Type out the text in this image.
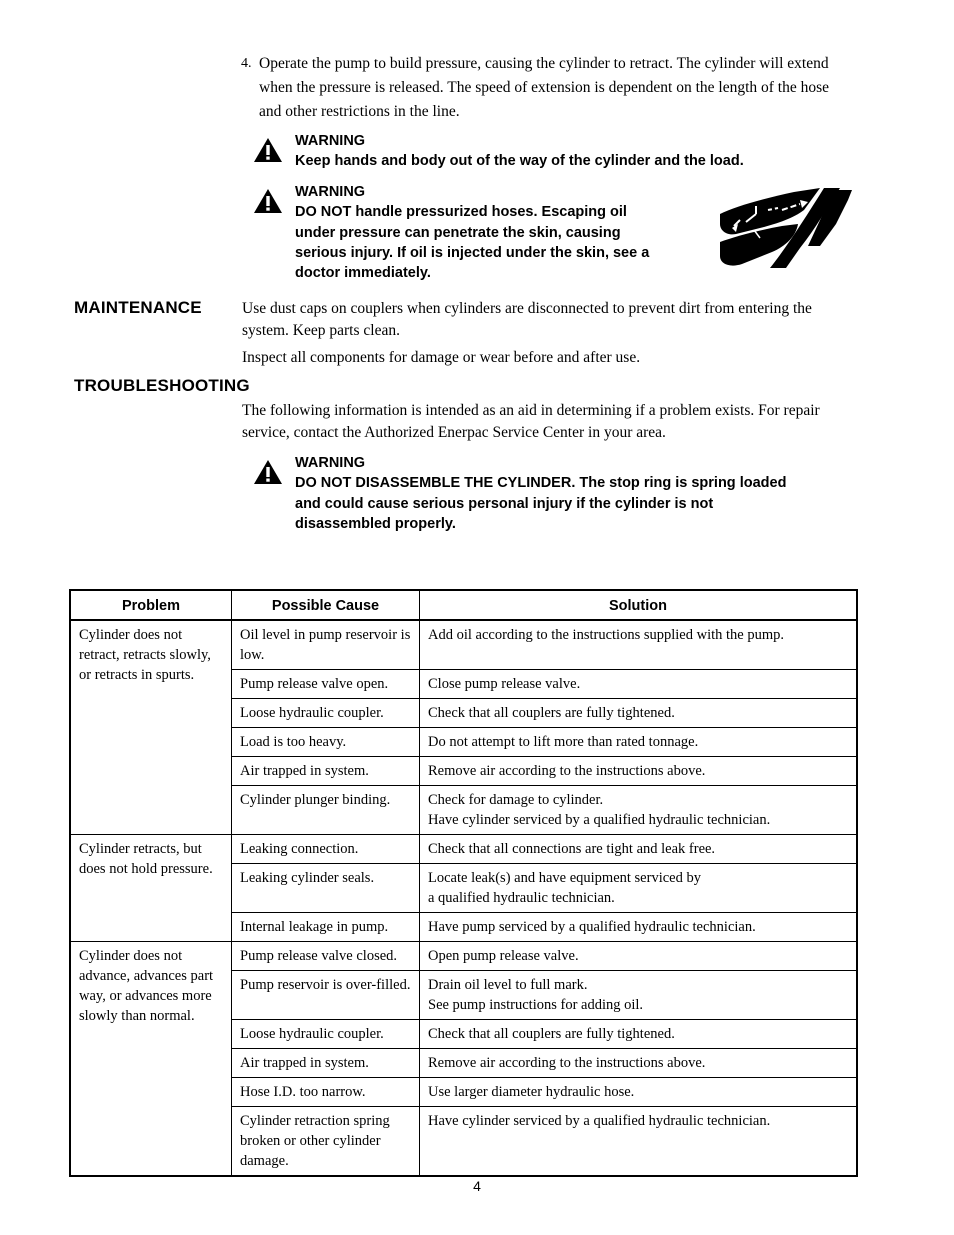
4. Operate the pump to build pressure, causing the cylinder to retract. The cylinder will extend when the pressure is released. The speed of extension is dependent on the length of the hose and other restrictions in the line.
WARNING
Keep hands and body out of the way of the cylinder and the load.
WARNING
DO NOT handle pressurized hoses. Escaping oil
under pressure can penetrate the skin, causing
serious injury. If oil is injected under the skin, see a
doctor immediately.
MAINTENANCE	Use dust caps on couplers when cylinders are disconnected to prevent dirt from entering the system. Keep parts clean.
Inspect all components for damage or wear before and after use.
TROUBLESHOOTING
The following information is intended as an aid in determining if a problem exists. For repair service, contact the Authorized Enerpac Service Center in your area.
WARNING
DO NOT DISASSEMBLE THE CYLINDER. The stop ring is spring loaded
and could cause serious personal injury if the cylinder is not
disassembled properly.
Problem	Possible Cause	Solution
Cylinder does not retract, retracts slowly, or retracts in spurts.	Oil level in pump reservoir is low.	Add oil according to the instructions supplied with the pump.

	Pump release valve open.	Close pump release valve.

	Loose hydraulic coupler.	Check that all couplers are fully tightened.

	Load is too heavy.	Do not attempt to lift more than rated tonnage.

	Air trapped in system.	Remove air according to the instructions above.

	Cylinder plunger binding.	Check for damage to cylinder.
Have cylinder serviced by a qualified hydraulic technician.

Cylinder retracts, but does not hold pressure.	Leaking connection.	Check that all connections are tight and leak free.

	Leaking cylinder seals.	Locate leak(s) and have equipment serviced by
a qualified hydraulic technician.

	Internal leakage in pump.	Have pump serviced by a qualified hydraulic technician.

Cylinder does not advance, advances part way, or advances more slowly than normal.	Pump release valve closed.	Open pump release valve.

	Pump reservoir is over-filled.	Drain oil level to full mark.
See pump instructions for adding oil.

	Loose hydraulic coupler.	Check that all couplers are fully tightened.

	Air trapped in system.	Remove air according to the instructions above.

	Hose I.D. too narrow.	Use larger diameter hydraulic hose.

	Cylinder retraction spring broken or other cylinder damage.	Have cylinder serviced by a qualified hydraulic technician.
4
